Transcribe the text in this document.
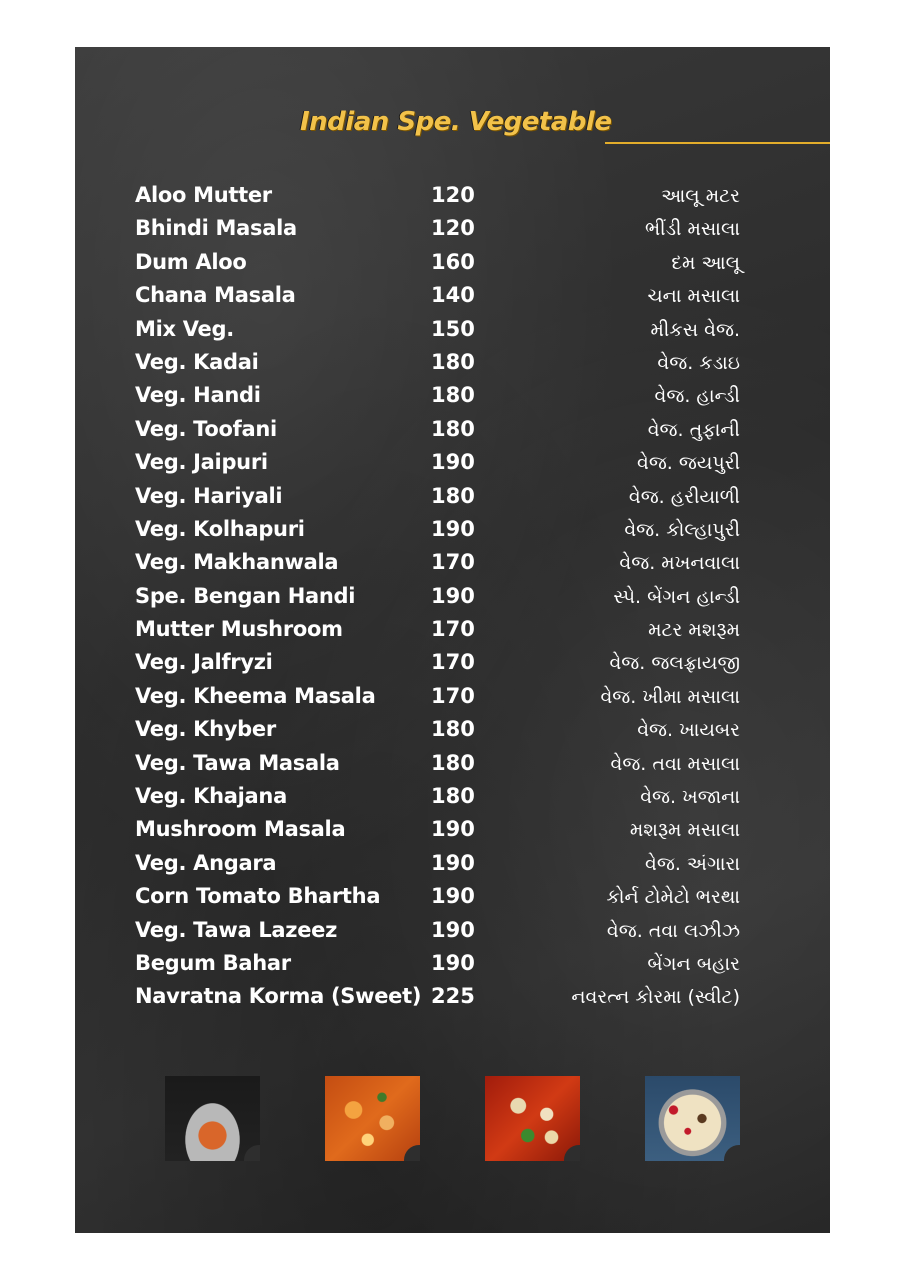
Indian Spe. Vegetable
Aloo Mutter	120	આલૂ મટર
Bhindi Masala	120	ભીંડી મસાલા
Dum Aloo	160	દમ આલૂ
Chana Masala	140	ચના મસાલા
Mix Veg.	150	મીકસ વેજ.
Veg. Kadai	180	વેજ. કડાઇ
Veg. Handi	180	વેજ. હાન્ડી
Veg. Toofani	180	વેજ. તુફાની
Veg. Jaipuri	190	વેજ. જયપુરી
Veg. Hariyali	180	વેજ. હરીયાળી
Veg. Kolhapuri	190	વેજ. કોલ્હાપુરી
Veg. Makhanwala	170	વેજ. મખનવાલા
Spe. Bengan Handi	190	સ્પે. બેંગન હાન્ડી
Mutter Mushroom	170	મટર મશરૂમ
Veg. Jalfryzi	170	વેજ. જલફ્રાયજી
Veg. Kheema Masala	170	વેજ. ખીમા મસાલા
Veg. Khyber	180	વેજ. ખાયબર
Veg. Tawa Masala	180	વેજ. તવા મસાલા
Veg. Khajana	180	વેજ. ખજાના
Mushroom Masala	190	મશરૂમ મસાલા
Veg. Angara	190	વેજ. અંગારા
Corn Tomato Bhartha 190	કોર્ન ટોમેટો ભરથા
Veg. Tawa Lazeez	190	વેજ. તવા લઝીઝ
Begum Bahar	190	બેંગન બહાર
Navratna Korma (Sweet) 225	નવરત્ન કોરમા (સ્વીટ)
